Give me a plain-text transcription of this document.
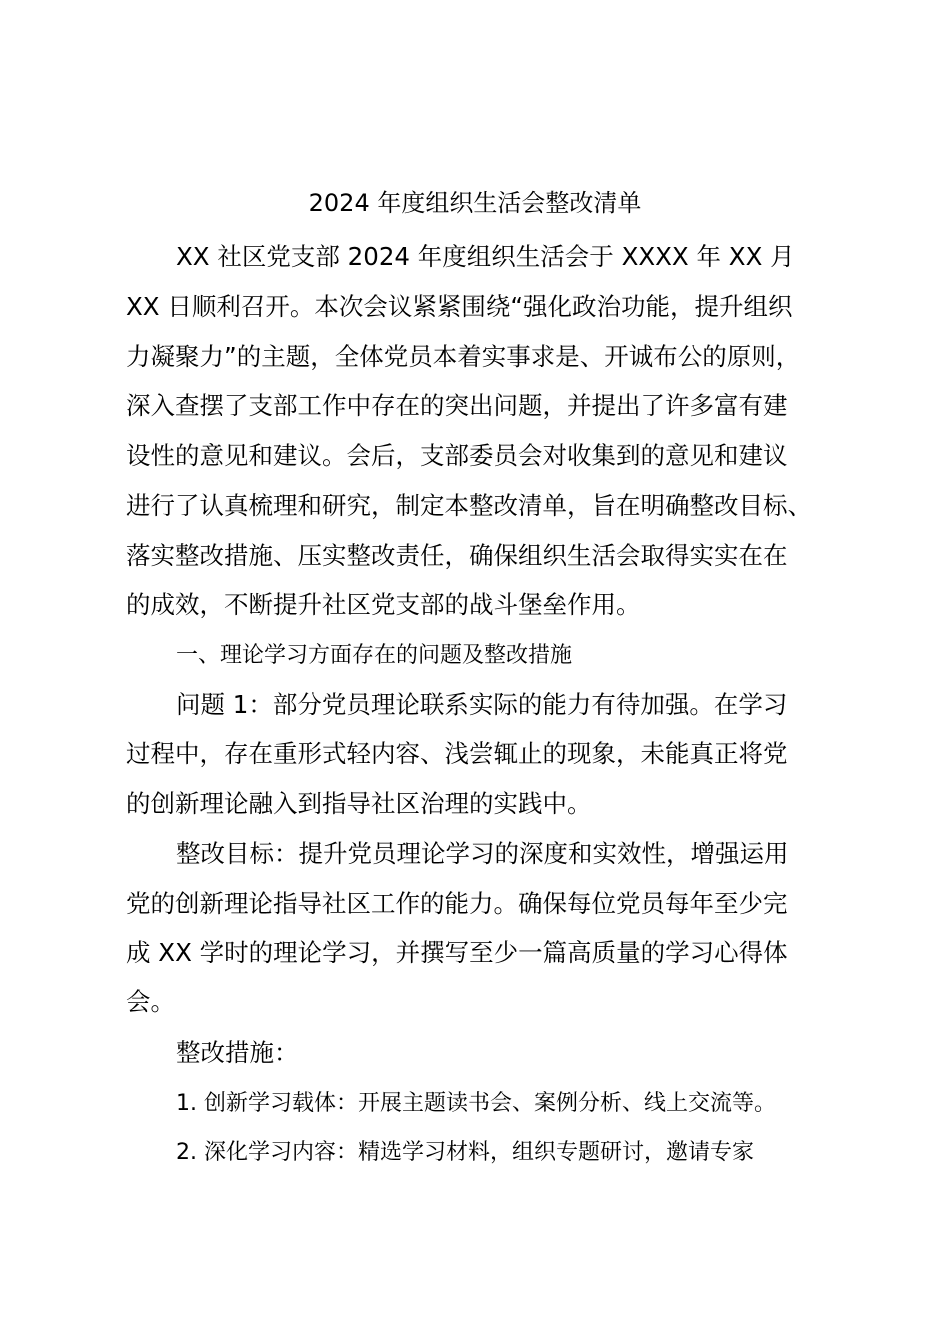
2024 年度组织生活会整改清单
XX 社区党支部 2024 年度组织生活会于 XXXX 年 XX 月
XX 日顺利召开。本次会议紧紧围绕“强化政治功能，提升组织
力凝聚力”的主题，全体党员本着实事求是、开诚布公的原则，
深入查摆了支部工作中存在的突出问题，并提出了许多富有建
设性的意见和建议。会后，支部委员会对收集到的意见和建议
进行了认真梳理和研究，制定本整改清单，旨在明确整改目标、
落实整改措施、压实整改责任，确保组织生活会取得实实在在
的成效，不断提升社区党支部的战斗堡垒作用。
一、理论学习方面存在的问题及整改措施
问题 1：部分党员理论联系实际的能力有待加强。在学习
过程中，存在重形式轻内容、浅尝辄止的现象，未能真正将党
的创新理论融入到指导社区治理的实践中。
整改目标：提升党员理论学习的深度和实效性，增强运用
党的创新理论指导社区工作的能力。确保每位党员每年至少完
成 XX 学时的理论学习，并撰写至少一篇高质量的学习心得体
会。
整改措施：
1. 创新学习载体：开展主题读书会、案例分析、线上交流等。
2. 深化学习内容：精选学习材料，组织专题研讨，邀请专家
